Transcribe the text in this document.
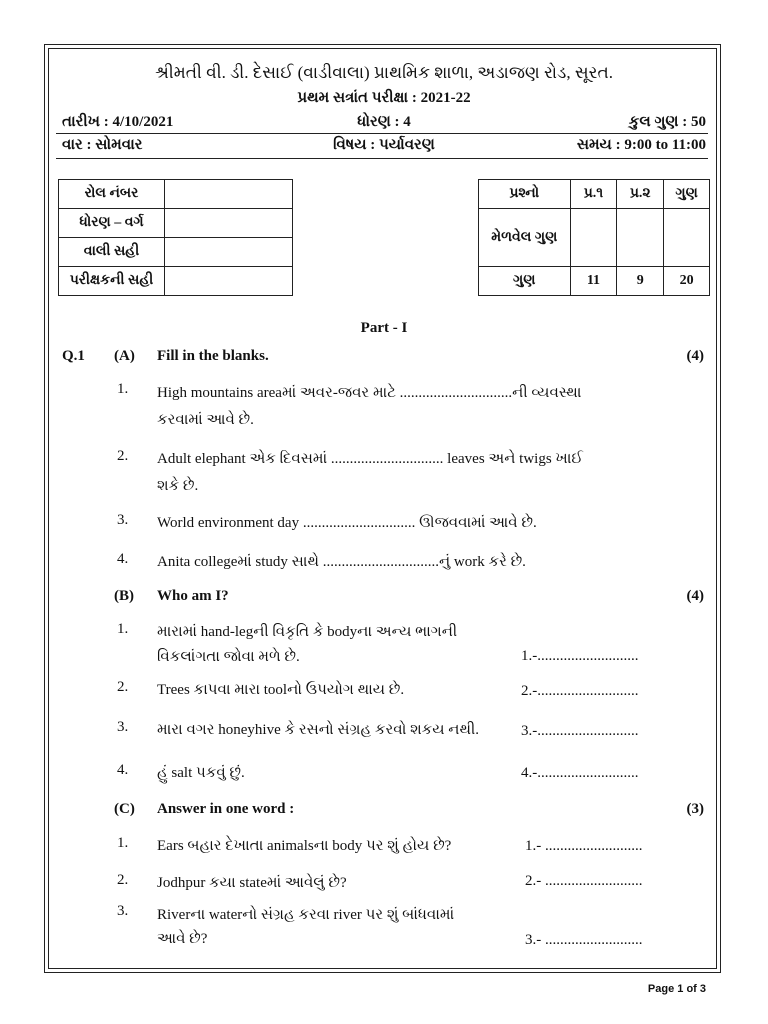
શ્રીમતી વી. ડી. દેસાઈ (વાડીવાલા) પ્રાથમિક શાળા, અડાજણ રોડ, સૂરત.
પ્રથમ સત્રાંત પરીક્ષા : 2021-22
તારીખ : 4/10/2021	ધોરણ : 4	કુલ ગુણ : 50
વાર : સોમવાર	વિષય : પર્યાવરણ	સમય : 9:00 to 11:00
રોલ નંબર	
ધોરણ – વર્ગ	
વાલી સહી	
પરીક્ષકની સહી	
પ્રશ્નો	પ્ર.૧	પ્ર.૨	ગુણ
મેળવેલ ગુણ			
ગુણ	11	9	20
Part - I
Q.1 (A) Fill in the blanks.	(4)
1. High mountains areaમાં અવર-જવર માટે ..............................ની વ્યવસ્થા
કરવામાં આવે છે.
2. Adult elephant એક દિવસમાં .............................. leaves અને twigs ખાઈ
શકે છે.
3. World environment day .............................. ઊજવવામાં આવે છે.
4. Anita collegeમાં study સાથે ...............................નું work કરે છે.
(B) Who am I?	(4)
1. મારામાં hand-legની વિકૃતિ કે bodyના અન્ય ભાગની
વિકલાંગતા જોવા મળે છે.	1.-...........................
2. Trees કાપવા મારા toolનો ઉપયોગ થાય છે.	2.-...........................
3. મારા વગર honeyhive કે રસનો સંગ્રહ કરવો શકય નથી.	3.-...........................
4. હું salt પકવું છું.	4.-...........................
(C) Answer in one word :	(3)
1. Ears બહાર દેખાતા animalsના body પર શું હોય છે?	1.- ..........................
2. Jodhpur કયા stateમાં આવેલું છે?	2.- ..........................
3. Riverના waterનો સંગ્રહ કરવા river પર શું બાંધવામાં
આવે છે?	3.- ..........................
Page 1 of 3
